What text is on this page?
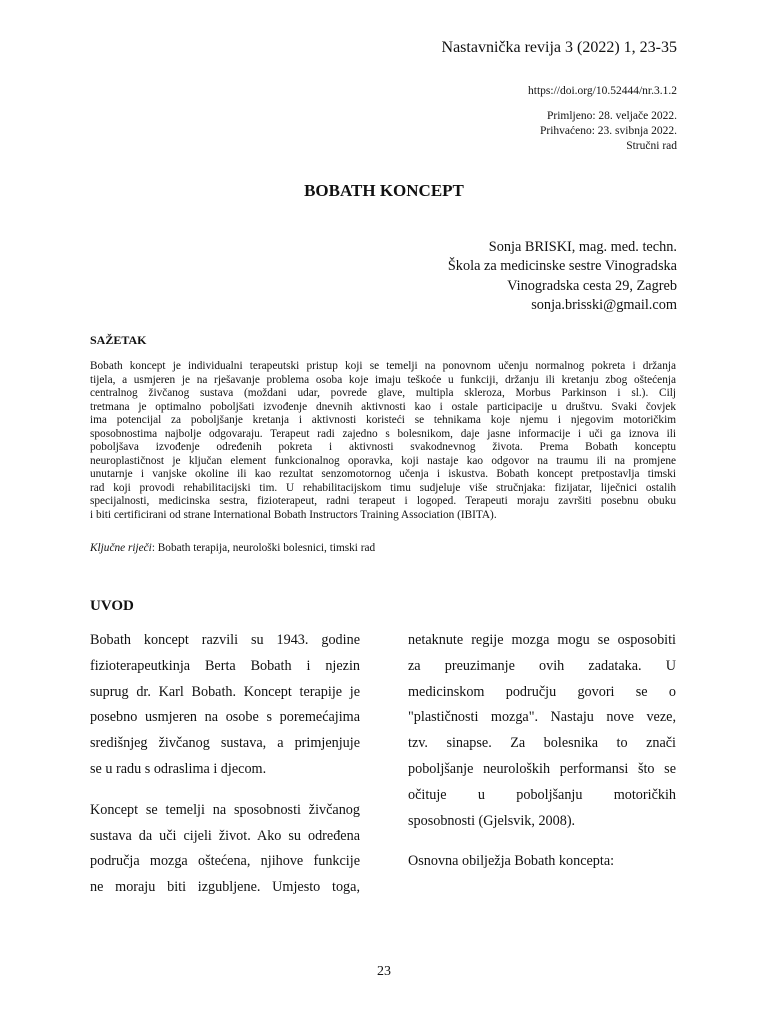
Nastavnička revija 3 (2022) 1, 23-35
https://doi.org/10.52444/nr.3.1.2
Primljeno: 28. veljače 2022.
Prihvaćeno: 23. svibnja 2022.
Stručni rad
BOBATH KONCEPT
Sonja BRISKI, mag. med. techn.
Škola za medicinske sestre Vinogradska
Vinogradska cesta 29, Zagreb
sonja.brisski@gmail.com
SAŽETAK
Bobath koncept je individualni terapeutski pristup koji se temelji na ponovnom učenju normalnog pokreta i držanja
tijela, a usmjeren je na rješavanje problema osoba koje imaju teškoće u funkciji, držanju ili kretanju zbog oštećenja
centralnog živčanog sustava (moždani udar, povrede glave, multipla skleroza, Morbus Parkinson i sl.). Cilj
tretmana je optimalno poboljšati izvođenje dnevnih aktivnosti kao i ostale participacije u društvu. Svaki čovjek
ima potencijal za poboljšanje kretanja i aktivnosti koristeći se tehnikama koje njemu i njegovim motoričkim
sposobnostima najbolje odgovaraju. Terapeut radi zajedno s bolesnikom, daje jasne informacije i uči ga iznova ili
poboljšava izvođenje određenih pokreta i aktivnosti svakodnevnog života. Prema Bobath konceptu
neuroplastičnost je ključan element funkcionalnog oporavka, koji nastaje kao odgovor na traumu ili na promjene
unutarnje i vanjske okoline ili kao rezultat senzomotornog učenja i iskustva. Bobath koncept pretpostavlja timski
rad koji provodi rehabilitacijski tim. U rehabilitacijskom timu sudjeluje više stručnjaka: fizijatar, liječnici ostalih
specijalnosti, medicinska sestra, fizioterapeut, radni terapeut i logoped. Terapeuti moraju završiti posebnu obuku
i biti certificirani od strane International Bobath Instructors Training Association (IBITA).
Ključne riječi: Bobath terapija, neurološki bolesnici, timski rad
UVOD
Bobath koncept razvili su 1943. godine
fizioterapeutkinja Berta Bobath i njezin
suprug dr. Karl Bobath. Koncept terapije je
posebno usmjeren na osobe s poremećajima
središnjeg živčanog sustava, a primjenjuje
se u radu s odraslima i djecom.
Koncept se temelji na sposobnosti živčanog
sustava da uči cijeli život. Ako su određena
područja mozga oštećena, njihove funkcije
ne moraju biti izgubljene. Umjesto toga,
netaknute regije mozga mogu se osposobiti
za preuzimanje ovih zadataka. U
medicinskom području govori se o
"plastičnosti mozga". Nastaju nove veze,
tzv. sinapse. Za bolesnika to znači
poboljšanje neuroloških performansi što se
očituje u poboljšanju motoričkih
sposobnosti (Gjelsvik, 2008).
Osnovna obilježja Bobath koncepta:
23
